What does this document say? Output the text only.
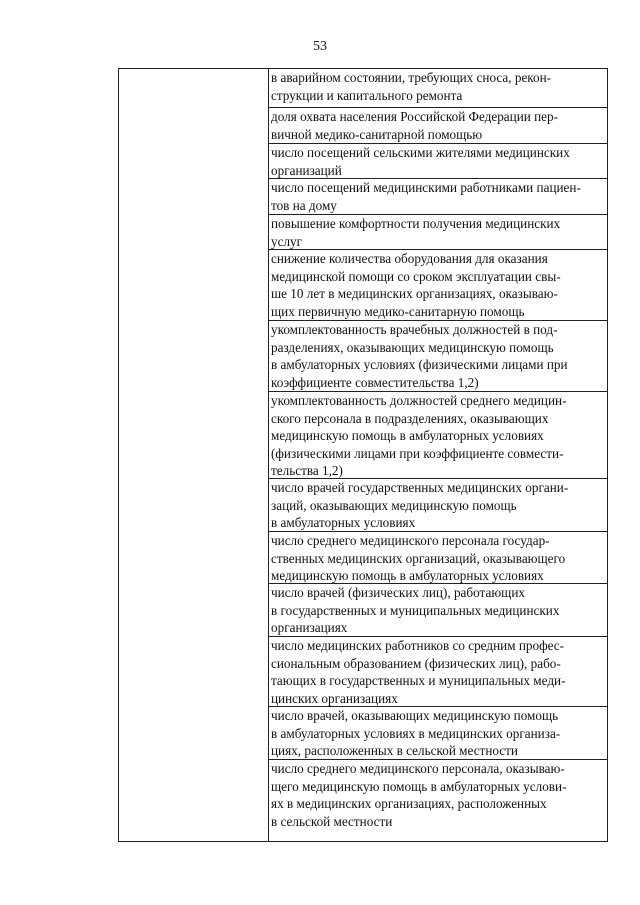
53
в аварийном состоянии, требующих сноса, рекон-
струкции и капитального ремонта
доля охвата населения Российской Федерации пер-
вичной медико-санитарной помощью
число посещений сельскими жителями медицинских
организаций
число посещений медицинскими работниками пациен-
тов на дому
повышение комфортности получения медицинских
услуг
снижение количества оборудования для оказания
медицинской помощи со сроком эксплуатации свы-
ше 10 лет в медицинских организациях, оказываю-
щих первичную медико-санитарную помощь
укомплектованность врачебных должностей в под-
разделениях, оказывающих медицинскую помощь
в амбулаторных условиях (физическими лицами при
коэффициенте совместительства 1,2)
укомплектованность должностей среднего медицин-
ского персонала в подразделениях, оказывающих
медицинскую помощь в амбулаторных условиях
(физическими лицами при коэффициенте совмести-
тельства 1,2)
число врачей государственных медицинских органи-
заций, оказывающих медицинскую помощь
в амбулаторных условиях
число среднего медицинского персонала государ-
ственных медицинских организаций, оказывающего
медицинскую помощь в амбулаторных условиях
число врачей (физических лиц), работающих
в государственных и муниципальных медицинских
организациях
число медицинских работников со средним профес-
сиональным образованием (физических лиц), рабо-
тающих в государственных и муниципальных меди-
цинских организациях
число врачей, оказывающих медицинскую помощь
в амбулаторных условиях в медицинских организа-
циях, расположенных в сельской местности
число среднего медицинского персонала, оказываю-
щего медицинскую помощь в амбулаторных услови-
ях в медицинских организациях, расположенных
в сельской местности
